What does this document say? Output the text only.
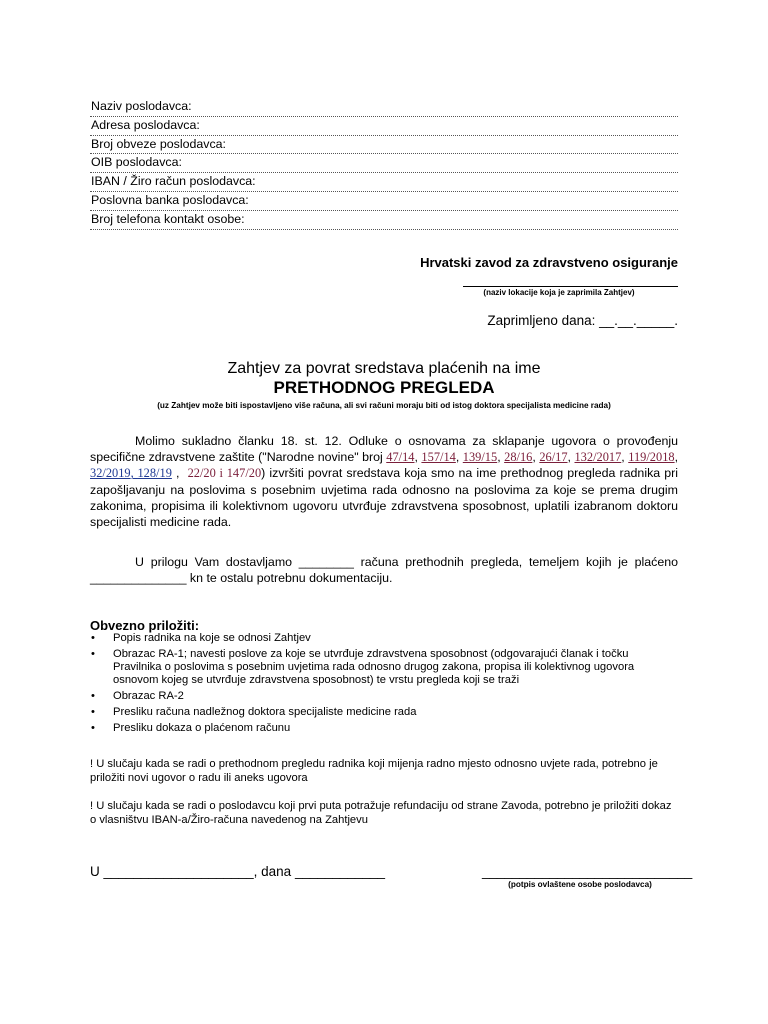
Naziv poslodavca:
Adresa poslodavca:
Broj obveze poslodavca:
OIB poslodavca:
IBAN / Žiro račun poslodavca:
Poslovna banka poslodavca:
Broj telefona kontakt osobe:
Hrvatski zavod za zdravstveno osiguranje
(naziv lokacije koja je zaprimila Zahtjev)
Zaprimljeno dana: __.__._____.
Zahtjev za povrat sredstava plaćenih na ime
PRETHODNOG PREGLEDA
(uz Zahtjev može biti ispostavljeno više računa, ali svi računi moraju biti od istog doktora specijalista medicine rada)
Molimo sukladno članku 18. st. 12. Odluke o osnovama za sklapanje ugovora o provođenju specifične zdravstvene zaštite ("Narodne novine" broj 47/14, 157/14, 139/15, 28/16, 26/17, 132/2017, 119/2018, 32/2019, 128/19 ,  22/20 i 147/20) izvršiti povrat sredstava koja smo na ime prethodnog pregleda radnika pri zapošljavanju na poslovima s posebnim uvjetima rada odnosno na poslovima za koje se prema drugim zakonima, propisima ili kolektivnom ugovoru utvrđuje zdravstvena sposobnost, uplatili izabranom doktoru specijalisti medicine rada.
U prilogu Vam dostavljamo ________ računa prethodnih pregleda, temeljem kojih je plaćeno ______________ kn te ostalu potrebnu dokumentaciju.
Obvezno priložiti:
• Popis radnika na koje se odnosi Zahtjev
• Obrazac RA-1; navesti poslove za koje se utvrđuje zdravstvena sposobnost (odgovarajući članak i točku Pravilnika o poslovima s posebnim uvjetima rada odnosno drugog zakona, propisa ili kolektivnog ugovora osnovom kojeg se utvrđuje zdravstvena sposobnost) te vrstu pregleda koji se traži
• Obrazac RA-2
• Presliku računa nadležnog doktora specijaliste medicine rada
• Presliku dokaza o plaćenom računu
! U slučaju kada se radi o prethodnom pregledu radnika koji mijenja radno mjesto odnosno uvjete rada, potrebno je priložiti novi ugovor o radu ili aneks ugovora
! U slučaju kada se radi o poslodavcu koji prvi puta potražuje refundaciju od strane Zavoda, potrebno je priložiti dokaz o vlasništvu IBAN-a/Žiro-računa navedenog na Zahtjevu
U ____________________, dana ____________	____________________________
(potpis ovlaštene osobe poslodavca)
